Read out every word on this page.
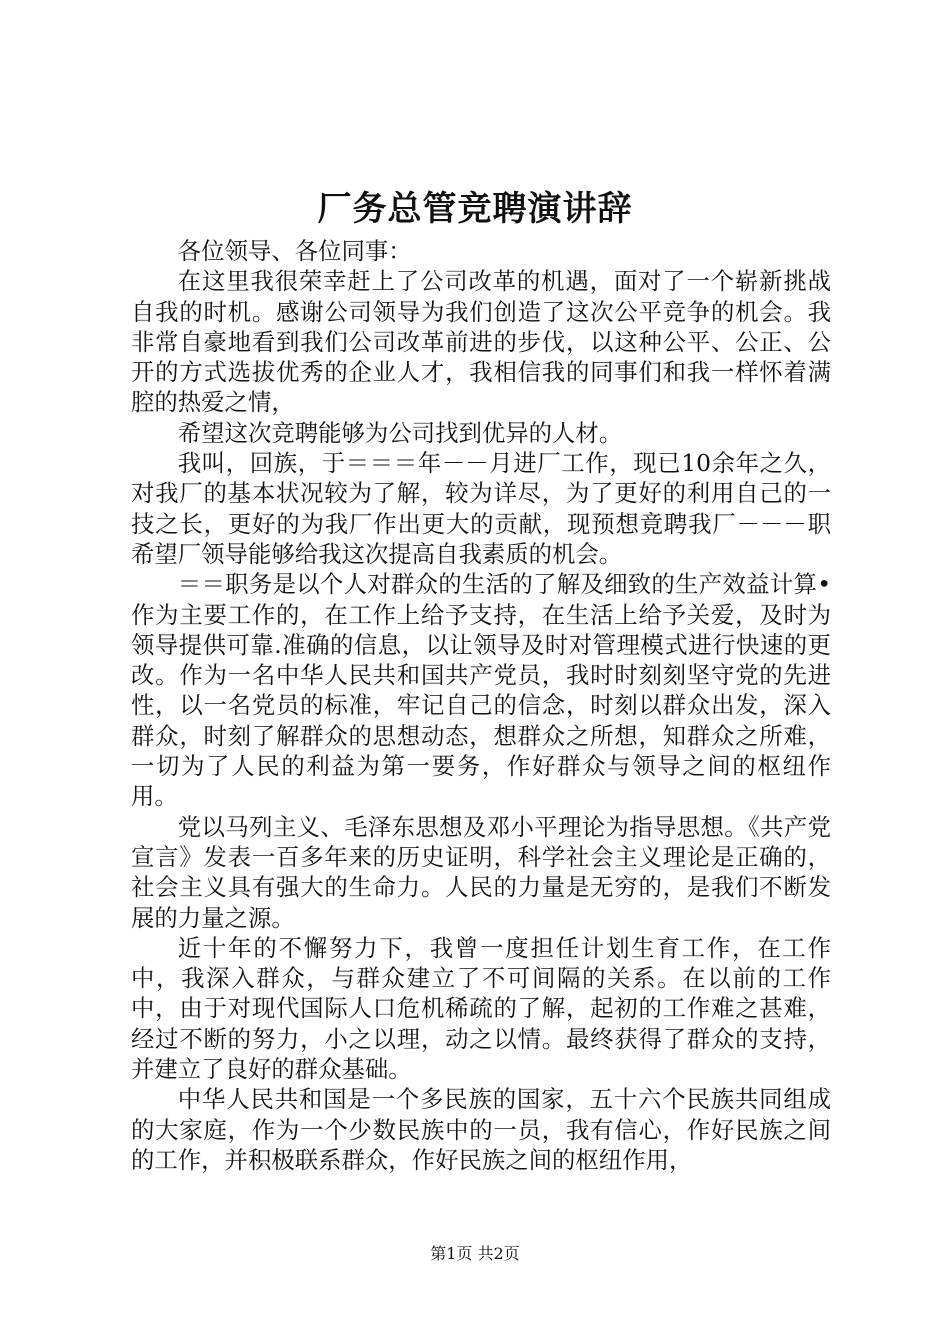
厂务总管竞聘演讲辞

各位领导、各位同事：

在这里我很荣幸赶上了公司改革的机遇，面对了一个崭新挑战自我的时机。感谢公司领导为我们创造了这次公平竞争的机会。我非常自豪地看到我们公司改革前进的步伐，以这种公平、公正、公开的方式选拔优秀的企业人才，我相信我的同事们和我一样怀着满腔的热爱之情，

希望这次竞聘能够为公司找到优异的人材。

我叫，回族，于＝＝＝年－－月进厂工作，现已10余年之久，对我厂的基本状况较为了解，较为详尽，为了更好的利用自己的一技之长，更好的为我厂作出更大的贡献，现预想竟聘我厂－－－职希望厂领导能够给我这次提高自我素质的机会。

＝＝职务是以个人对群众的生活的了解及细致的生产效益计算•作为主要工作的，在工作上给予支持，在生活上给予关爱，及时为领导提供可靠.准确的信息，以让领导及时对管理模式进行快速的更改。作为一名中华人民共和国共产党员，我时时刻刻坚守党的先进性，以一名党员的标准，牢记自己的信念，时刻以群众出发，深入群众，时刻了解群众的思想动态，想群众之所想，知群众之所难，一切为了人民的利益为第一要务，作好群众与领导之间的枢纽作用。

党以马列主义、毛泽东思想及邓小平理论为指导思想。《共产党宣言》发表一百多年来的历史证明，科学社会主义理论是正确的，社会主义具有强大的生命力。人民的力量是无穷的，是我们不断发展的力量之源。

近十年的不懈努力下，我曾一度担任计划生育工作，在工作中，我深入群众，与群众建立了不可间隔的关系。在以前的工作中，由于对现代国际人口危机稀疏的了解，起初的工作难之甚难，经过不断的努力，小之以理，动之以情。最终获得了群众的支持，并建立了良好的群众基础。

中华人民共和国是一个多民族的国家，五十六个民族共同组成的大家庭，作为一个少数民族中的一员，我有信心，作好民族之间的工作，并积极联系群众，作好民族之间的枢纽作用，

第1页 共2页
